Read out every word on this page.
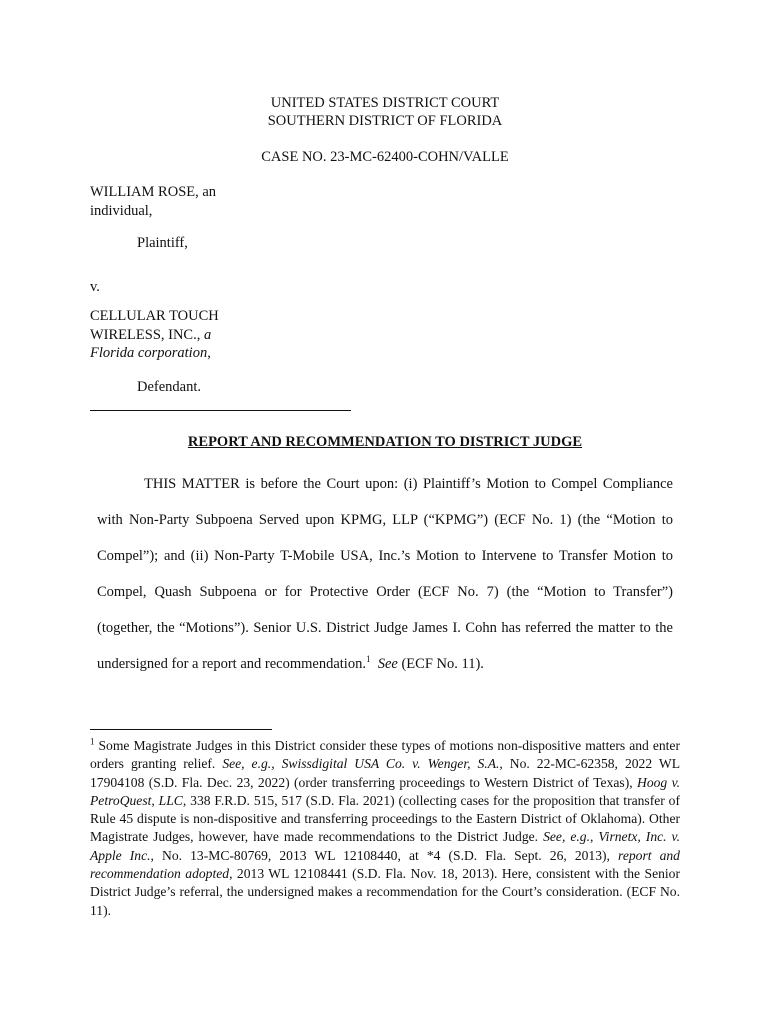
UNITED STATES DISTRICT COURT
SOUTHERN DISTRICT OF FLORIDA
CASE NO. 23-MC-62400-COHN/VALLE
WILLIAM ROSE, an
individual,
Plaintiff,
v.
CELLULAR TOUCH
WIRELESS, INC., a
Florida corporation,
Defendant.
REPORT AND RECOMMENDATION TO DISTRICT JUDGE
THIS MATTER is before the Court upon: (i) Plaintiff’s Motion to Compel Compliance with Non-Party Subpoena Served upon KPMG, LLP (“KPMG”) (ECF No. 1) (the “Motion to Compel”); and (ii) Non-Party T-Mobile USA, Inc.’s Motion to Intervene to Transfer Motion to Compel, Quash Subpoena or for Protective Order (ECF No. 7) (the “Motion to Transfer”) (together, the “Motions”). Senior U.S. District Judge James I. Cohn has referred the matter to the undersigned for a report and recommendation.$^1$ See (ECF No. 11).
$^1$ Some Magistrate Judges in this District consider these types of motions non-dispositive matters and enter orders granting relief. See, e.g., Swissdigital USA Co. v. Wenger, S.A., No. 22-MC-62358, 2022 WL 17904108 (S.D. Fla. Dec. 23, 2022) (order transferring proceedings to Western District of Texas), Hoog v. PetroQuest, LLC, 338 F.R.D. 515, 517 (S.D. Fla. 2021) (collecting cases for the proposition that transfer of Rule 45 dispute is non-dispositive and transferring proceedings to the Eastern District of Oklahoma). Other Magistrate Judges, however, have made recommendations to the District Judge. See, e.g., Virnetx, Inc. v. Apple Inc., No. 13-MC-80769, 2013 WL 12108440, at *4 (S.D. Fla. Sept. 26, 2013), report and recommendation adopted, 2013 WL 12108441 (S.D. Fla. Nov. 18, 2013). Here, consistent with the Senior District Judge’s referral, the undersigned makes a recommendation for the Court’s consideration. (ECF No. 11).
